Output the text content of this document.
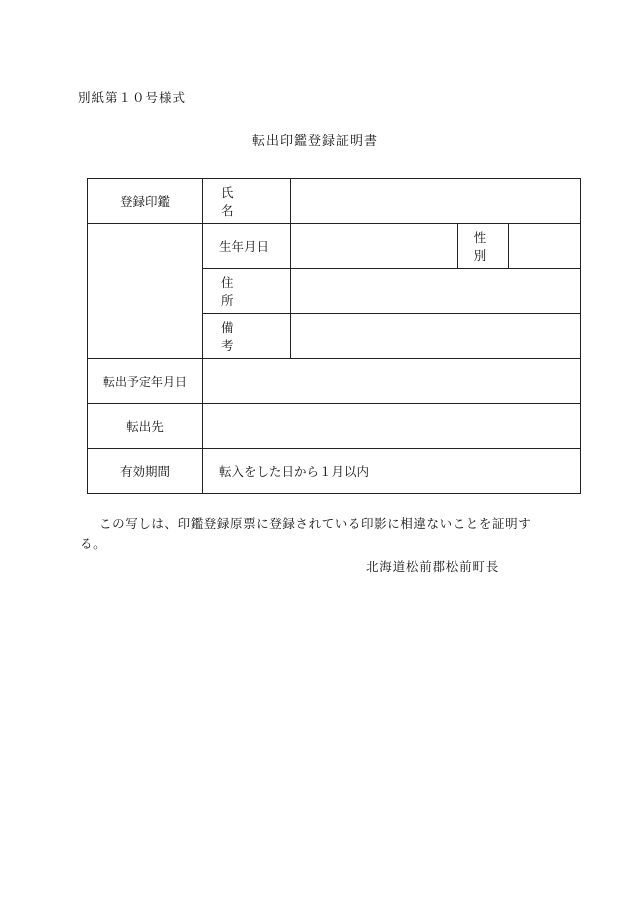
別紙第１０号様式
転出印鑑登録証明書
登録印鑑	氏　名			
	生年月日		性　別	
	住　所			
	備　考			
転出予定年月日				
転出先				
有効期間	転入をした日から１月以内			
この写しは、印鑑登録原票に登録されている印影に相違ないことを証明す
る。
北海道松前郡松前町長
